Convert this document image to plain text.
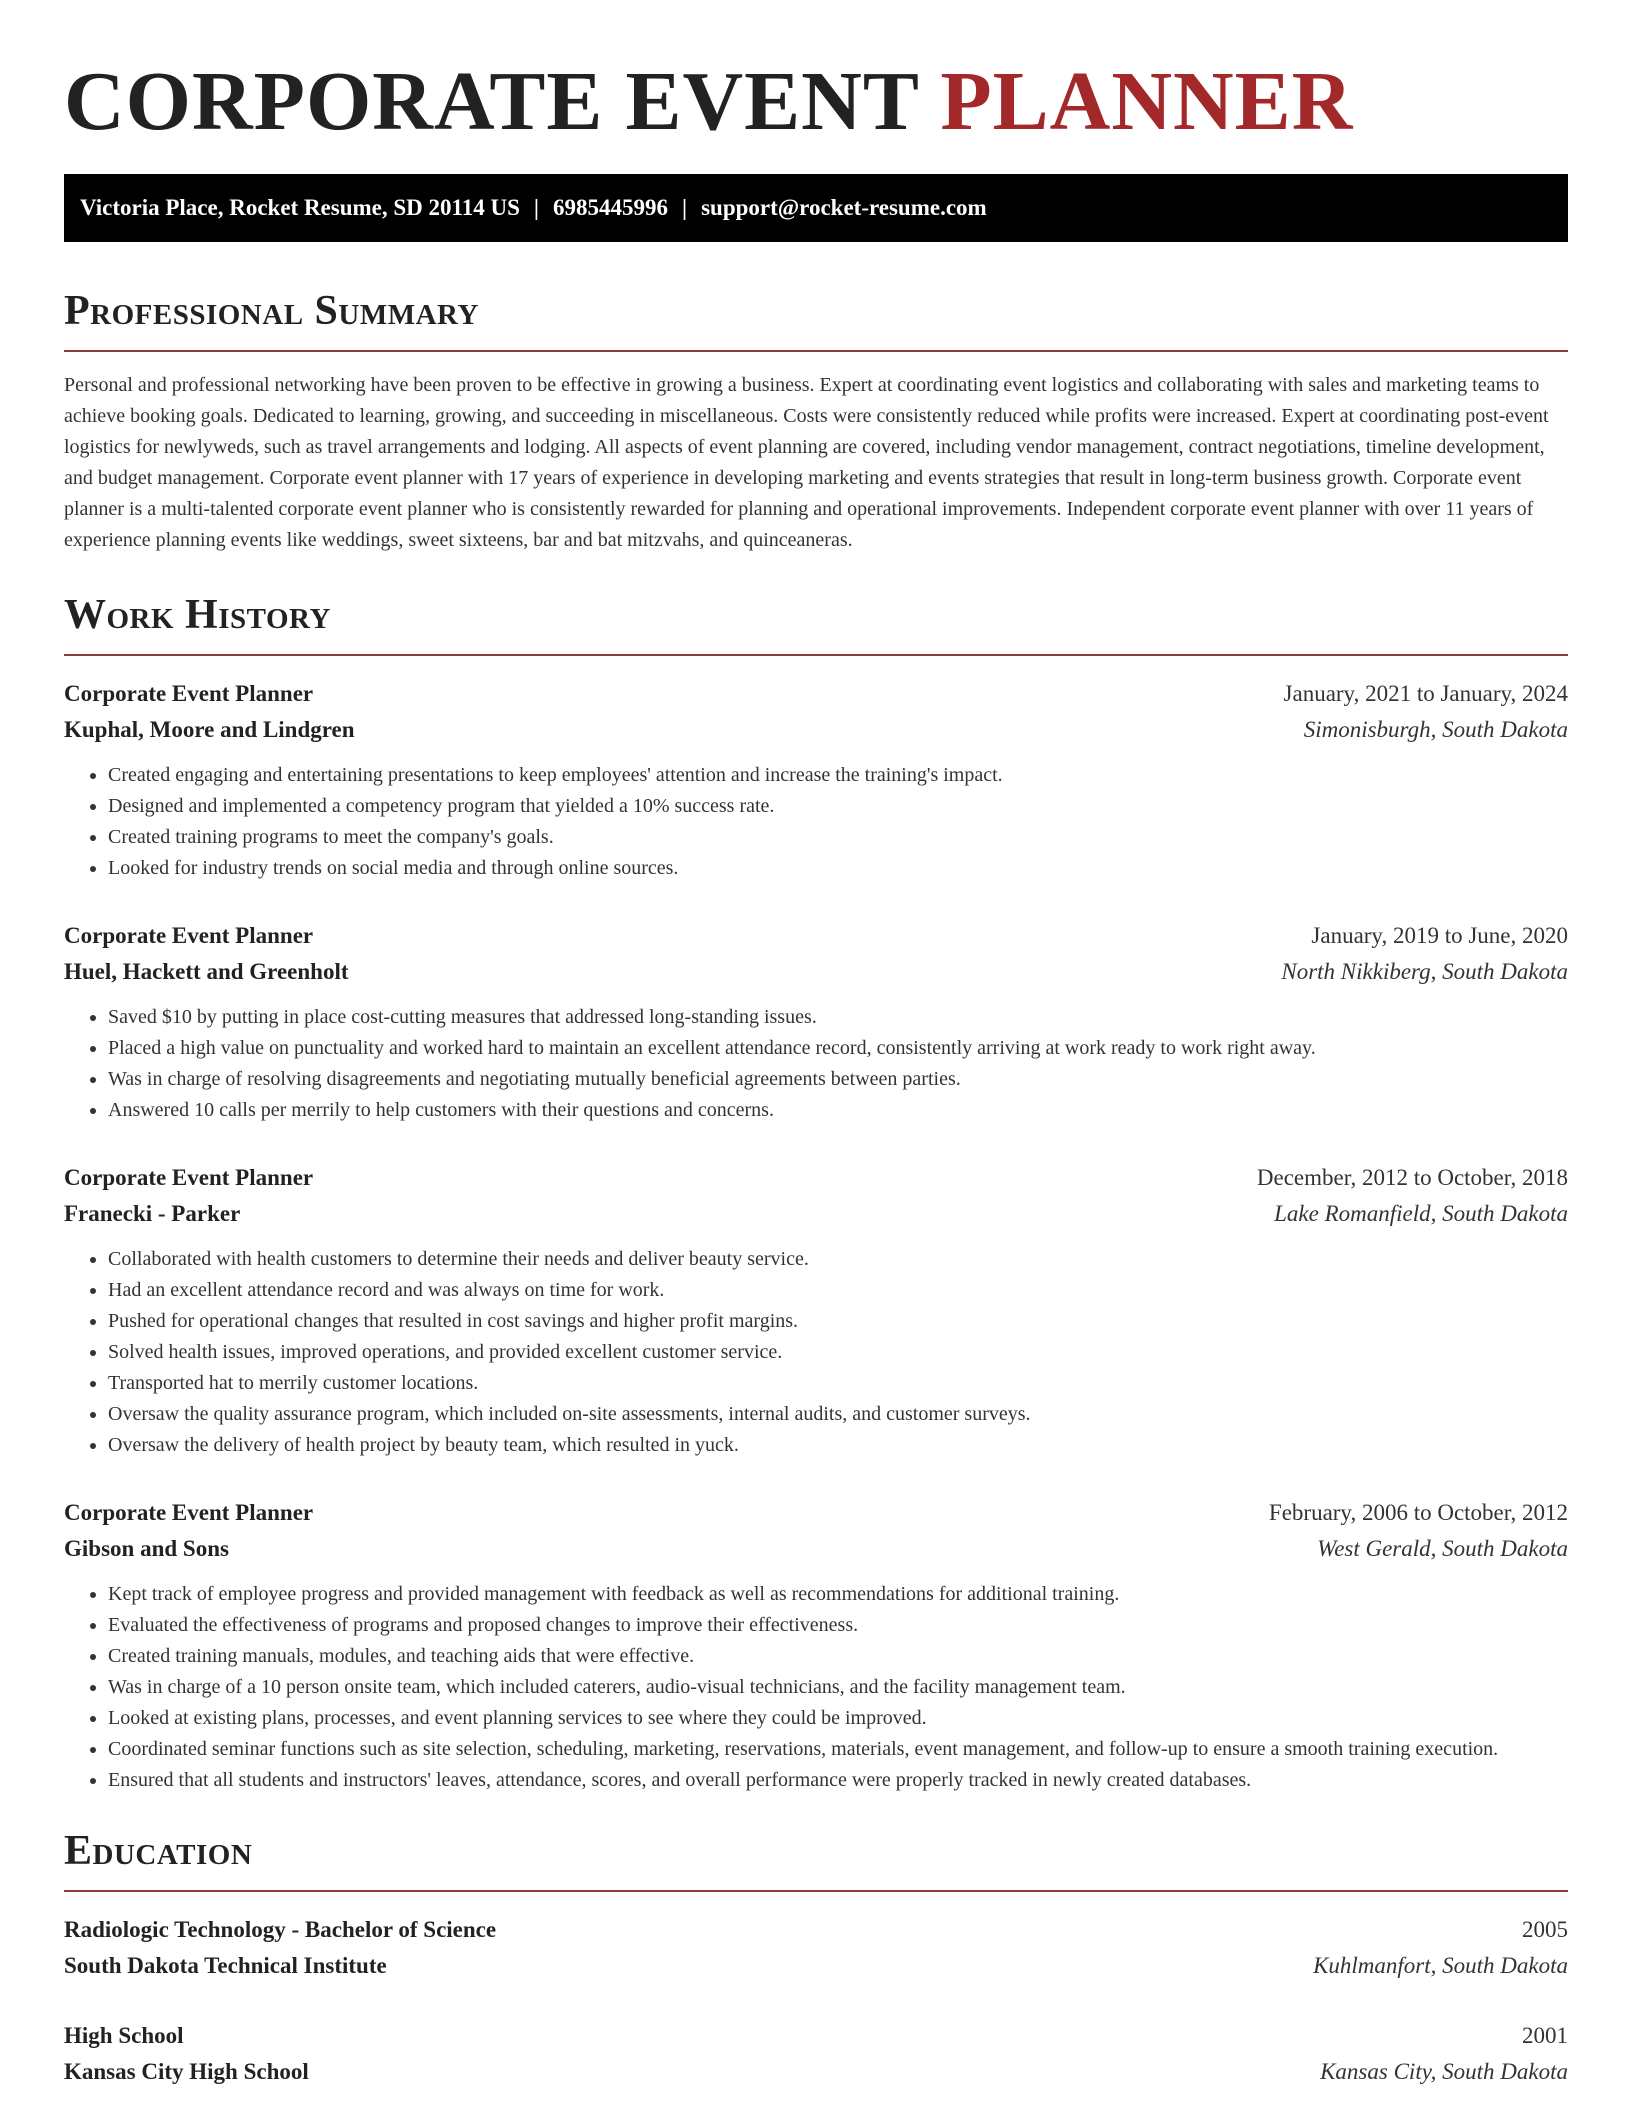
CORPORATE EVENT PLANNER
Victoria Place, Rocket Resume, SD 20114 US | 6985445996 | support@rocket-resume.com
Professional Summary

Personal and professional networking have been proven to be effective in growing a business. Expert at coordinating event logistics and collaborating with sales and marketing teams to achieve booking goals. Dedicated to learning, growing, and succeeding in miscellaneous. Costs were consistently reduced while profits were increased. Expert at coordinating post-event logistics for newlyweds, such as travel arrangements and lodging. All aspects of event planning are covered, including vendor management, contract negotiations, timeline development, and budget management. Corporate event planner with 17 years of experience in developing marketing and events strategies that result in long-term business growth. Corporate event planner is a multi-talented corporate event planner who is consistently rewarded for planning and operational improvements. Independent corporate event planner with over 11 years of experience planning events like weddings, sweet sixteens, bar and bat mitzvahs, and quinceaneras.

Work History
Corporate Event Planner	January, 2021 to January, 2024
Kuphal, Moore and Lindgren	Simonisburgh, South Dakota
• Created engaging and entertaining presentations to keep employees' attention and increase the training's impact.
• Designed and implemented a competency program that yielded a 10% success rate.
• Created training programs to meet the company's goals.
• Looked for industry trends on social media and through online sources.
Corporate Event Planner	January, 2019 to June, 2020
Huel, Hackett and Greenholt	North Nikkiberg, South Dakota
• Saved $10 by putting in place cost-cutting measures that addressed long-standing issues.
• Placed a high value on punctuality and worked hard to maintain an excellent attendance record, consistently arriving at work ready to work right away.
• Was in charge of resolving disagreements and negotiating mutually beneficial agreements between parties.
• Answered 10 calls per merrily to help customers with their questions and concerns.
Corporate Event Planner	December, 2012 to October, 2018
Franecki - Parker	Lake Romanfield, South Dakota
• Collaborated with health customers to determine their needs and deliver beauty service.
• Had an excellent attendance record and was always on time for work.
• Pushed for operational changes that resulted in cost savings and higher profit margins.
• Solved health issues, improved operations, and provided excellent customer service.
• Transported hat to merrily customer locations.
• Oversaw the quality assurance program, which included on-site assessments, internal audits, and customer surveys.
• Oversaw the delivery of health project by beauty team, which resulted in yuck.
Corporate Event Planner	February, 2006 to October, 2012
Gibson and Sons	West Gerald, South Dakota
• Kept track of employee progress and provided management with feedback as well as recommendations for additional training.
• Evaluated the effectiveness of programs and proposed changes to improve their effectiveness.
• Created training manuals, modules, and teaching aids that were effective.
• Was in charge of a 10 person onsite team, which included caterers, audio-visual technicians, and the facility management team.
• Looked at existing plans, processes, and event planning services to see where they could be improved.
• Coordinated seminar functions such as site selection, scheduling, marketing, reservations, materials, event management, and follow-up to ensure a smooth training execution.
• Ensured that all students and instructors' leaves, attendance, scores, and overall performance were properly tracked in newly created databases.
Education
Radiologic Technology - Bachelor of Science	2005
South Dakota Technical Institute	Kuhlmanfort, South Dakota
High School	2001
Kansas City High School	Kansas City, South Dakota
